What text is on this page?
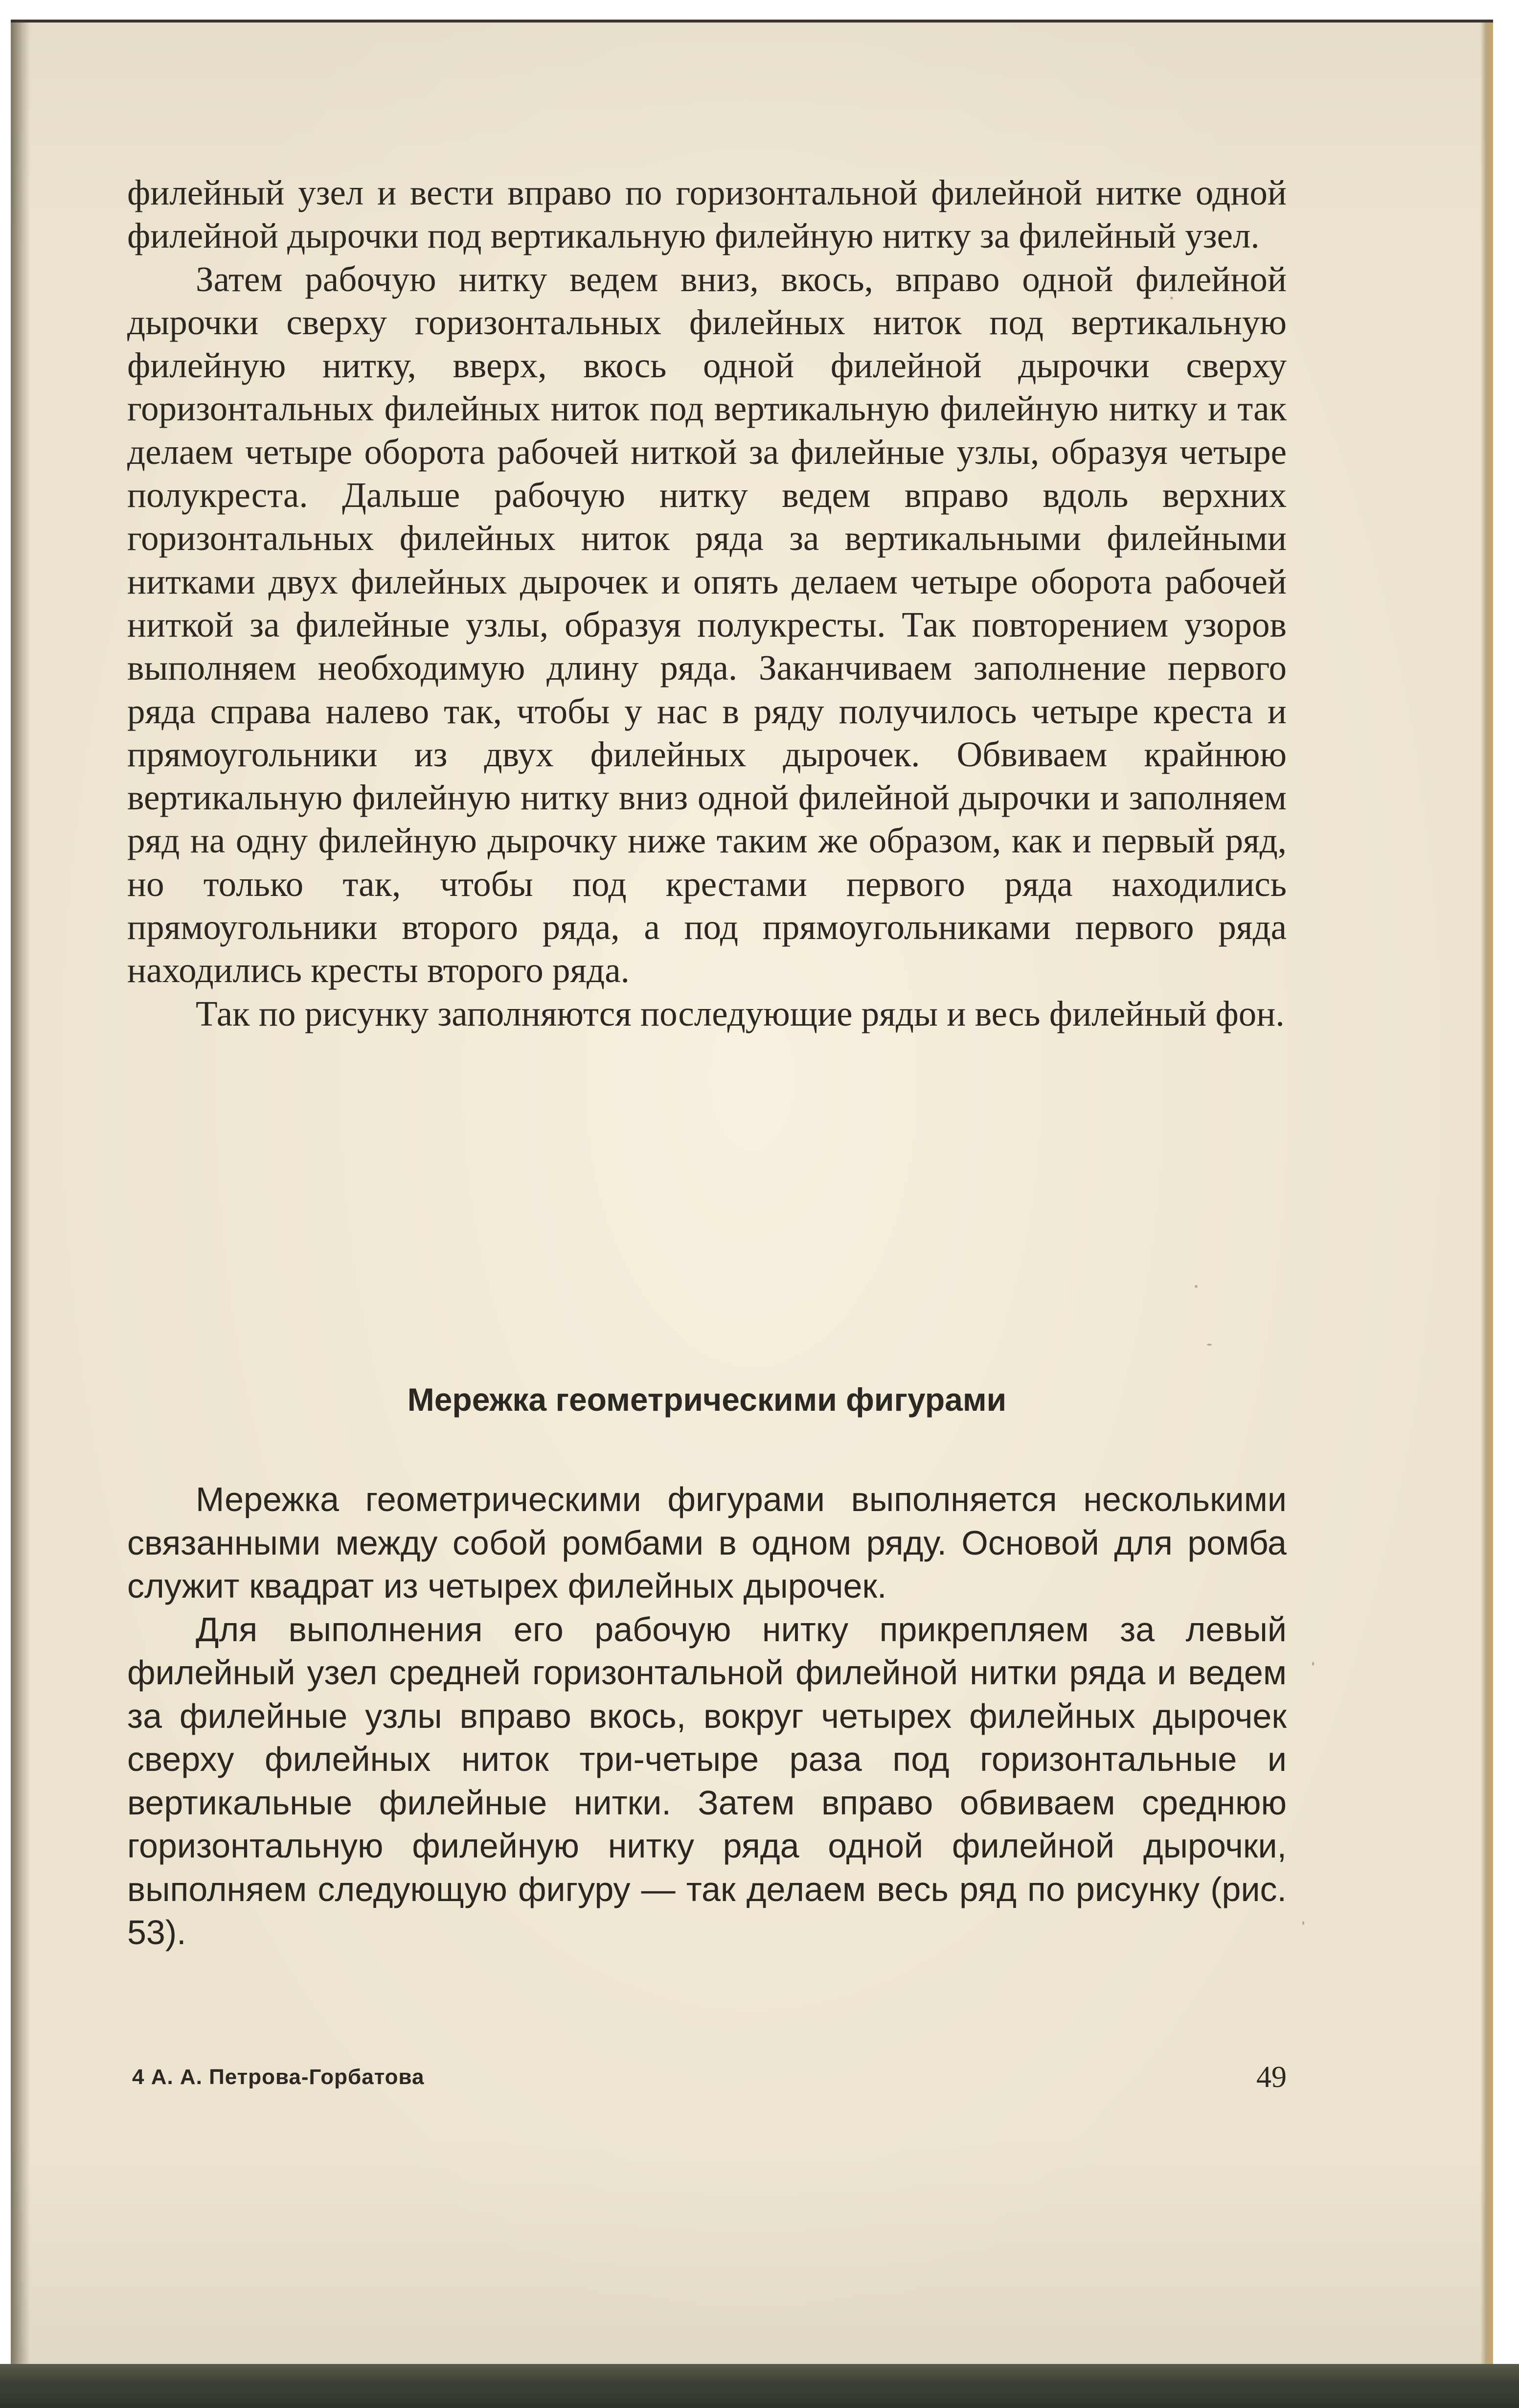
филейный узел и вести вправо по горизонтальной филейной нитке одной филейной дырочки под вертикальную филейную нитку за филейный узел.

Затем рабочую нитку ведем вниз, вкось, вправо одной филейной дырочки сверху горизонтальных филейных ниток под вертикальную филейную нитку, вверх, вкось одной филейной дырочки сверху горизонтальных филейных ниток под вертикальную филейную нитку и так делаем четыре оборота рабочей ниткой за филейные узлы, образуя четыре полукреста. Дальше рабочую нитку ведем вправо вдоль верхних горизонтальных филейных ниток ряда за вертикальными филейными нитками двух филейных дырочек и опять делаем четыре оборота рабочей ниткой за филейные узлы, образуя полукресты. Так повторением узоров выполняем необходимую длину ряда. Заканчиваем заполнение первого ряда справа налево так, чтобы у нас в ряду получилось четыре креста и прямоугольники из двух филейных дырочек. Обвиваем крайнюю вертикальную филейную нитку вниз одной филейной дырочки и заполняем ряд на одну филейную дырочку ниже таким же образом, как и первый ряд, но только так, чтобы под крестами первого ряда находились прямоугольники второго ряда, а под прямоугольниками первого ряда находились кресты второго ряда.

Так по рисунку заполняются последующие ряды и весь филейный фон.

Мережка геометрическими фигурами

Мережка геометрическими фигурами выполняется несколькими связанными между собой ромбами в одном ряду. Основой для ромба служит квадрат из четырех филейных дырочек.

Для выполнения его рабочую нитку прикрепляем за левый филейный узел средней горизонтальной филейной нитки ряда и ведем за филейные узлы вправо вкось, вокруг четырех филейных дырочек сверху филейных ниток три-четыре раза под горизонтальные и вертикальные филейные нитки. Затем вправо обвиваем среднюю горизонтальную филейную нитку ряда одной филейной дырочки, выполняем следующую фигуру — так делаем весь ряд по рисунку (рис. 53).

4 А. А. Петрова-Горбатова	49
